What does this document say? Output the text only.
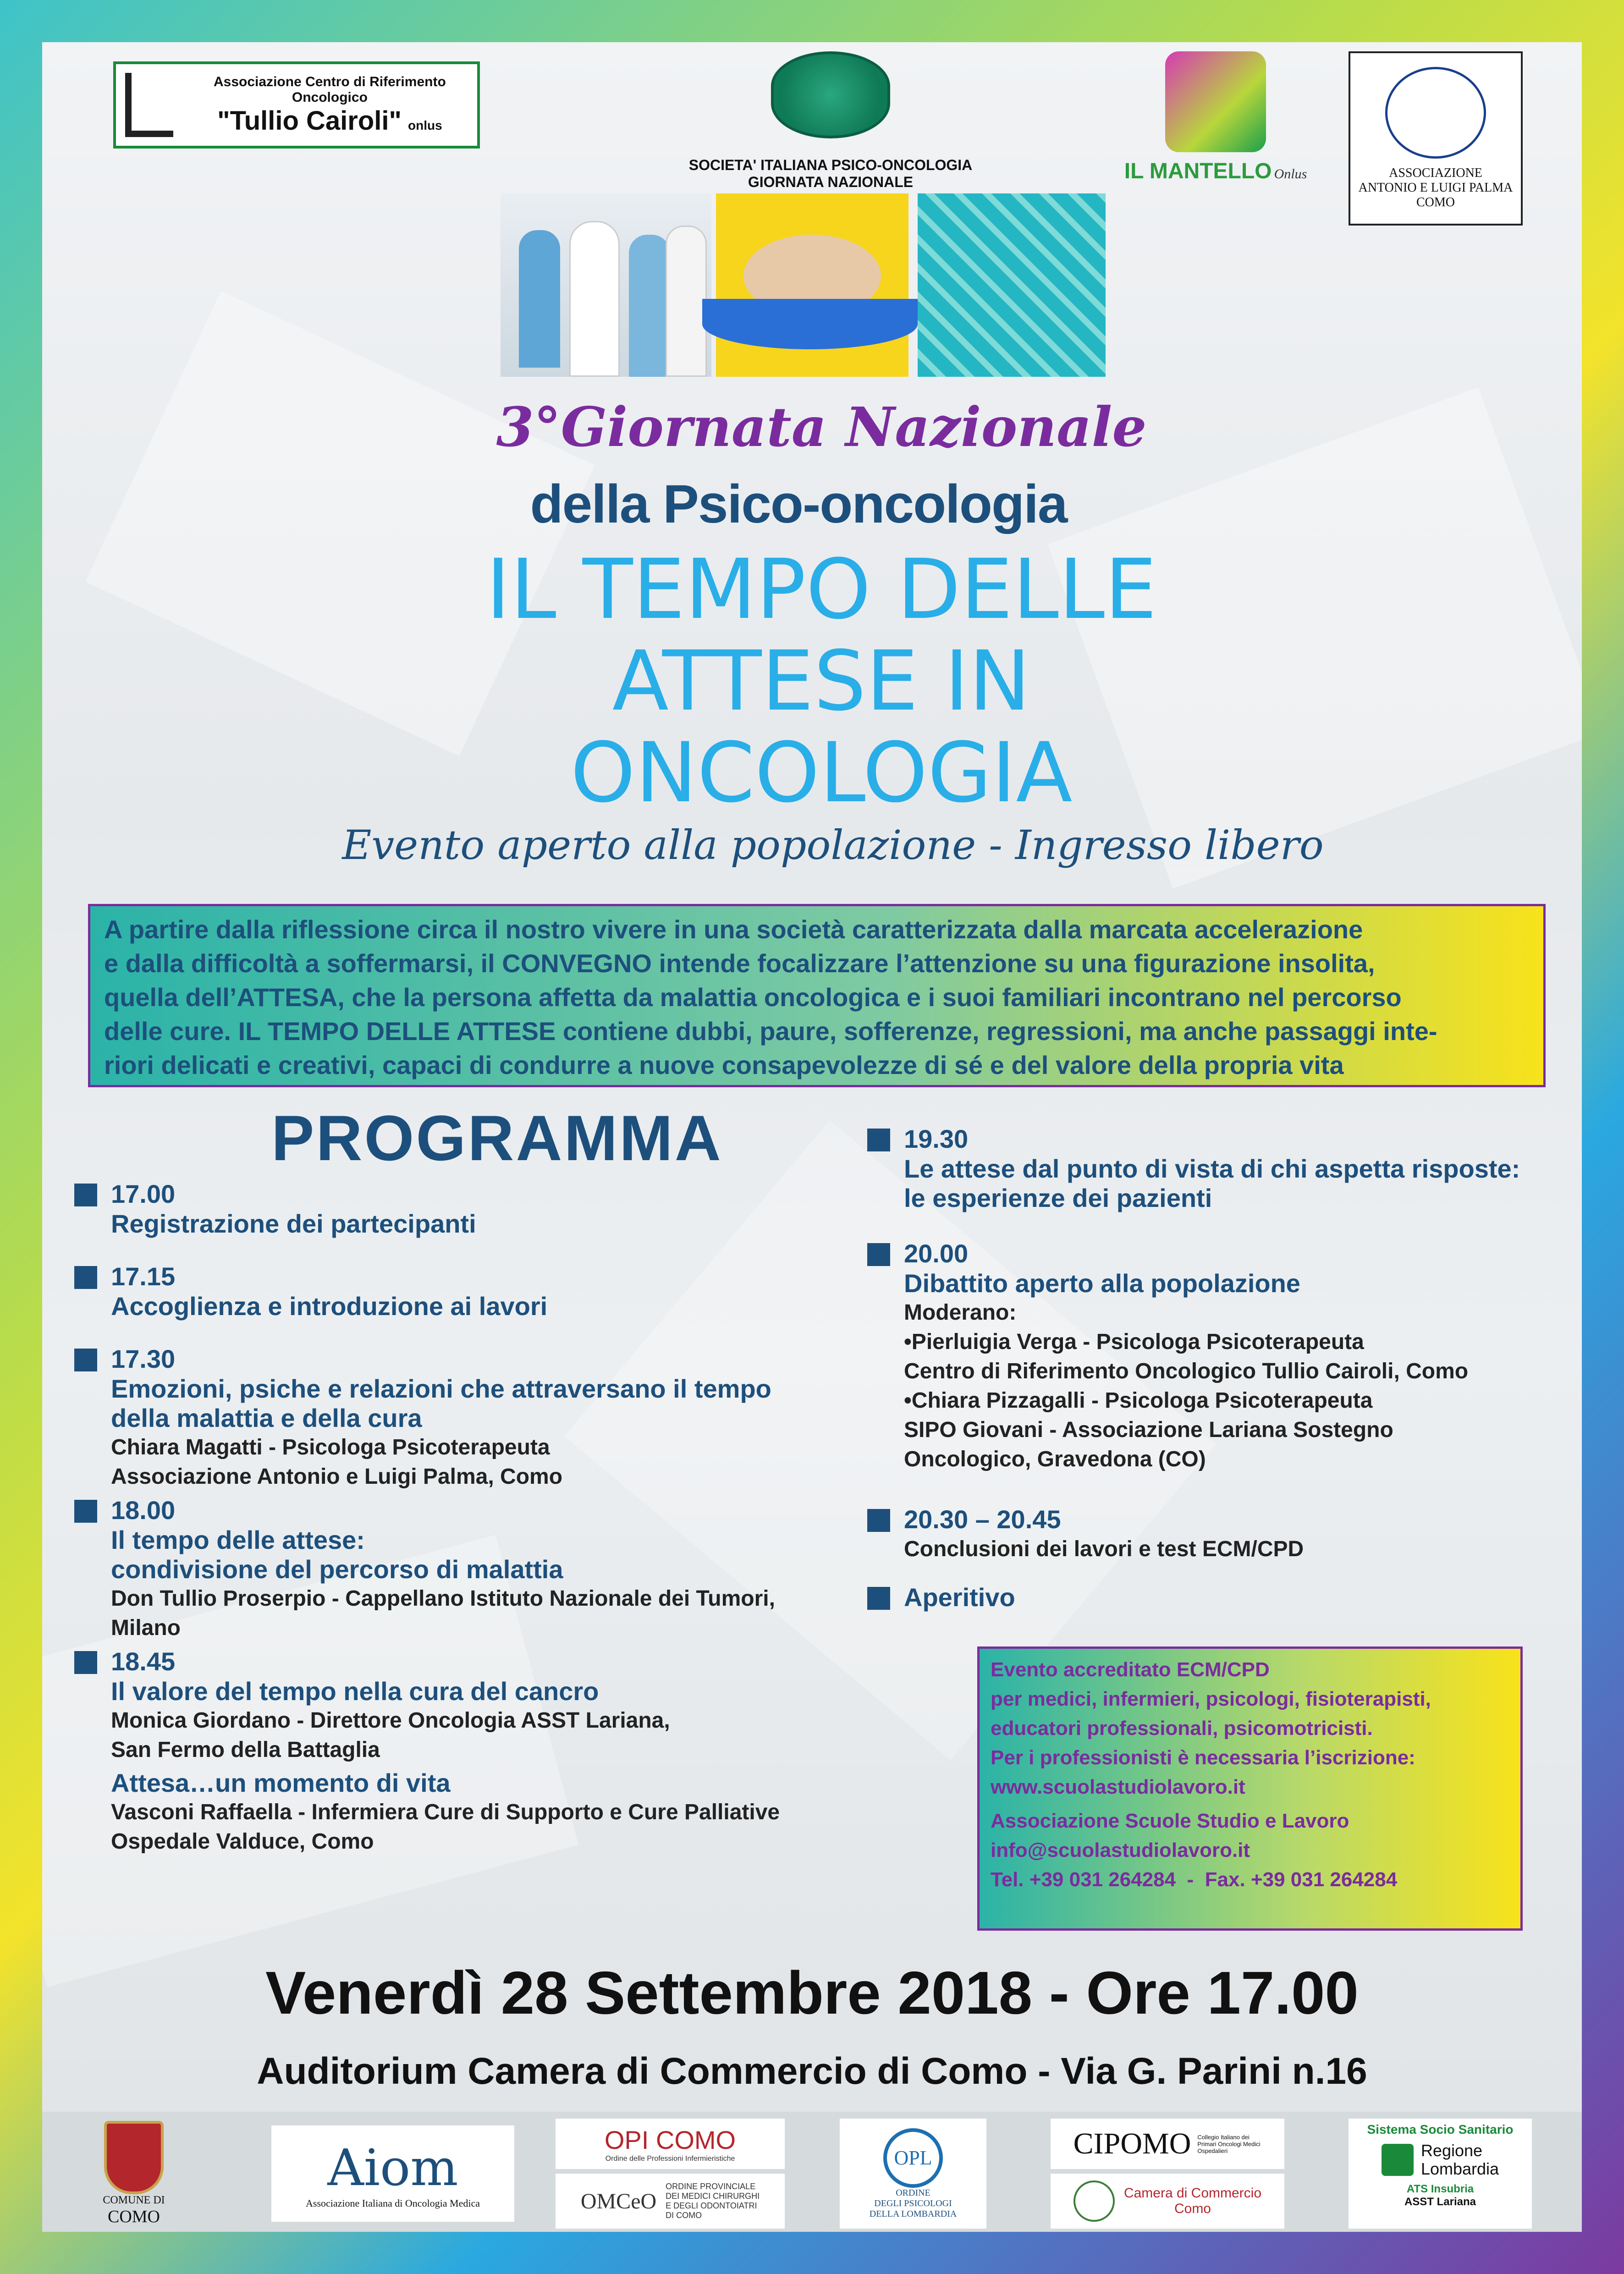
Associazione Centro di Riferimento Oncologico
"Tullio Cairoli" onlus
SOCIETA' ITALIANA PSICO-ONCOLOGIA
GIORNATA NAZIONALE	IL MANTELLO Onlus	ASSOCIAZIONE
ANTONIO E LUIGI PALMA
COMO
3°Giornata Nazionale
della Psico-oncologia
IL TEMPO DELLE
ATTESE IN
ONCOLOGIA
Evento aperto alla popolazione - Ingresso libero
A partire dalla riflessione circa il nostro vivere in una società caratterizzata dalla marcata accelerazione
e dalla difficoltà a soffermarsi, il CONVEGNO intende focalizzare l’attenzione su una figurazione insolita,
quella dell’ATTESA, che la persona affetta da malattia oncologica e i suoi familiari incontrano nel percorso
delle cure. IL TEMPO DELLE ATTESE contiene dubbi, paure, sofferenze, regressioni, ma anche passaggi inte-
riori delicati e creativi, capaci di condurre a nuove consapevolezze di sé e del valore della propria vita
PROGRAMMA
17.00
Registrazione dei partecipanti
17.15
Accoglienza e introduzione ai lavori
17.30
Emozioni, psiche e relazioni che attraversano il tempo
della malattia e della cura
Chiara Magatti - Psicologa Psicoterapeuta
Associazione Antonio e Luigi Palma, Como
18.00
Il tempo delle attese:
condivisione del percorso di malattia
Don Tullio Proserpio - Cappellano Istituto Nazionale dei Tumori,
Milano
18.45
Il valore del tempo nella cura del cancro
Monica Giordano - Direttore Oncologia ASST Lariana,
San Fermo della Battaglia
Attesa…un momento di vita
Vasconi Raffaella - Infermiera Cure di Supporto e Cure Palliative
Ospedale Valduce, Como
19.30
Le attese dal punto di vista di chi aspetta risposte:
le esperienze dei pazienti
20.00
Dibattito aperto alla popolazione
Moderano:
•Pierluigia Verga - Psicologa Psicoterapeuta
Centro di Riferimento Oncologico Tullio Cairoli, Como
•Chiara Pizzagalli - Psicologa Psicoterapeuta
SIPO Giovani - Associazione Lariana Sostegno
Oncologico, Gravedona (CO)
20.30 – 20.45
Conclusioni dei lavori e test ECM/CPD
Aperitivo
Evento accreditato ECM/CPD
per medici, infermieri, psicologi, fisioterapisti,
educatori professionali, psicomotricisti.
Per i professionisti è necessaria l’iscrizione:
www.scuolastudiolavoro.it
Associazione Scuole Studio e Lavoro
info@scuolastudiolavoro.it
Tel. +39 031 264284  -  Fax. +39 031 264284
Venerdì 28 Settembre 2018 - Ore 17.00
Auditorium Camera di Commercio di Como - Via G. Parini n.16
COMUNE DI
COMO
Aiom
Associazione Italiana di Oncologia Medica
OPI COMO
Ordine delle Professioni Infermieristiche
OMCeO
ORDINE PROVINCIALE
DEI MEDICI CHIRURGHI
E DEGLI ODONTOIATRI
DI COMO
OPL
ORDINE
DEGLI PSICOLOGI
DELLA LOMBARDIA
CIPOMO Collegio Italiano dei Primari Oncologi Medici Ospedalieri
Camera di Commercio
Como
Sistema Socio Sanitario
Regione
Lombardia
ATS Insubria
ASST Lariana
